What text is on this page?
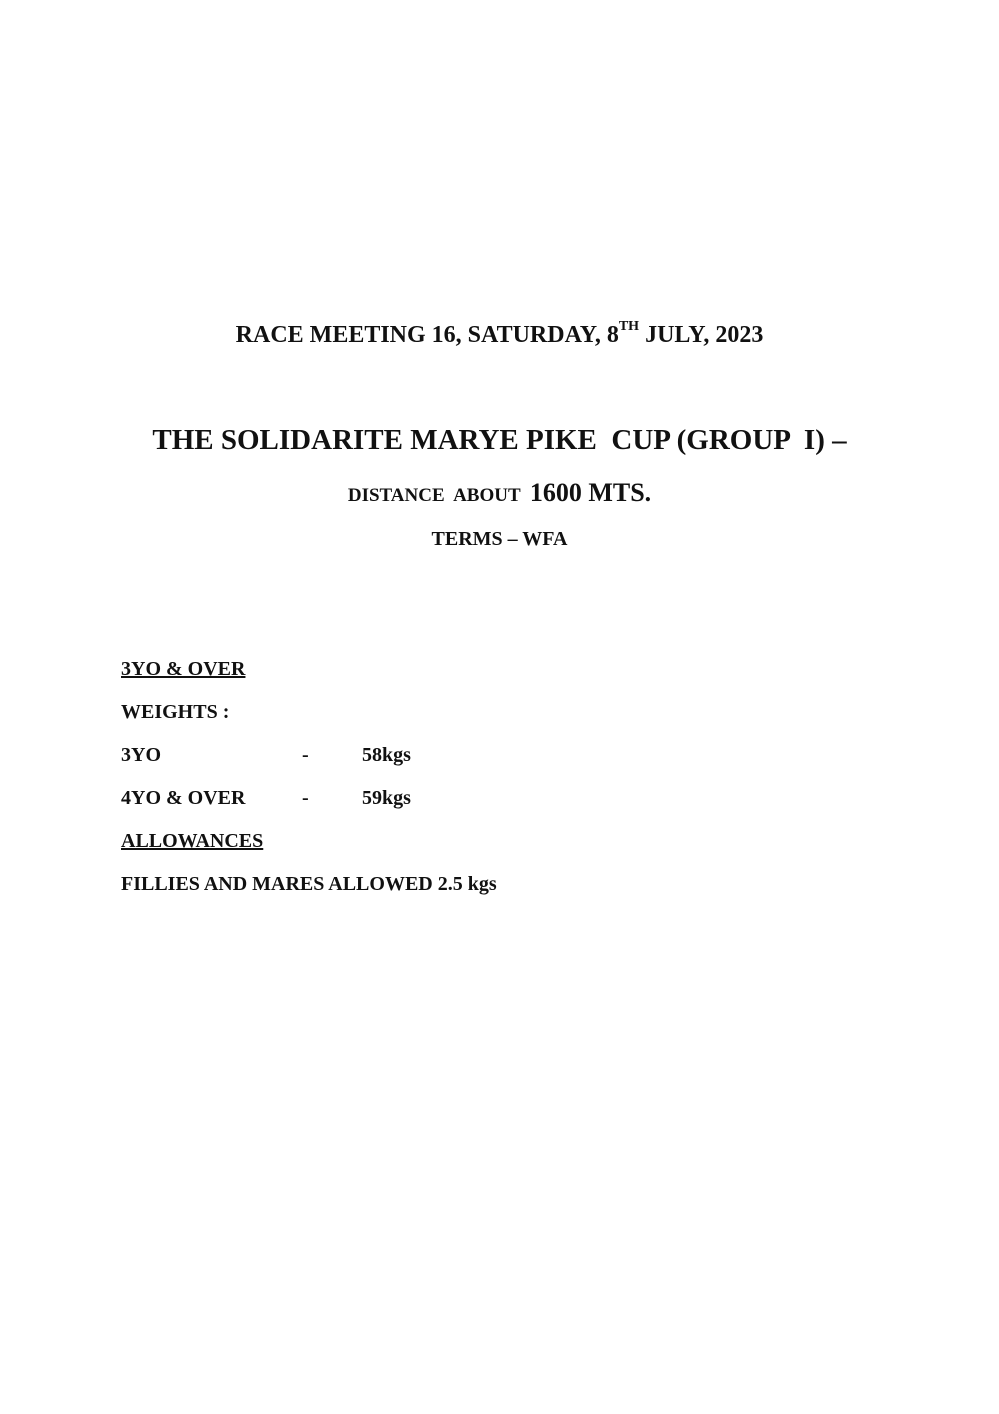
RACE MEETING 16, SATURDAY, 8TH JULY, 2023
THE SOLIDARITE MARYE PIKE  CUP (GROUP  I) –
DISTANCE  ABOUT  1600 MTS.
TERMS – WFA
3YO & OVER
WEIGHTS :
3YO	-	58kgs
4YO & OVER	-	59kgs
ALLOWANCES
FILLIES AND MARES ALLOWED 2.5 kgs
